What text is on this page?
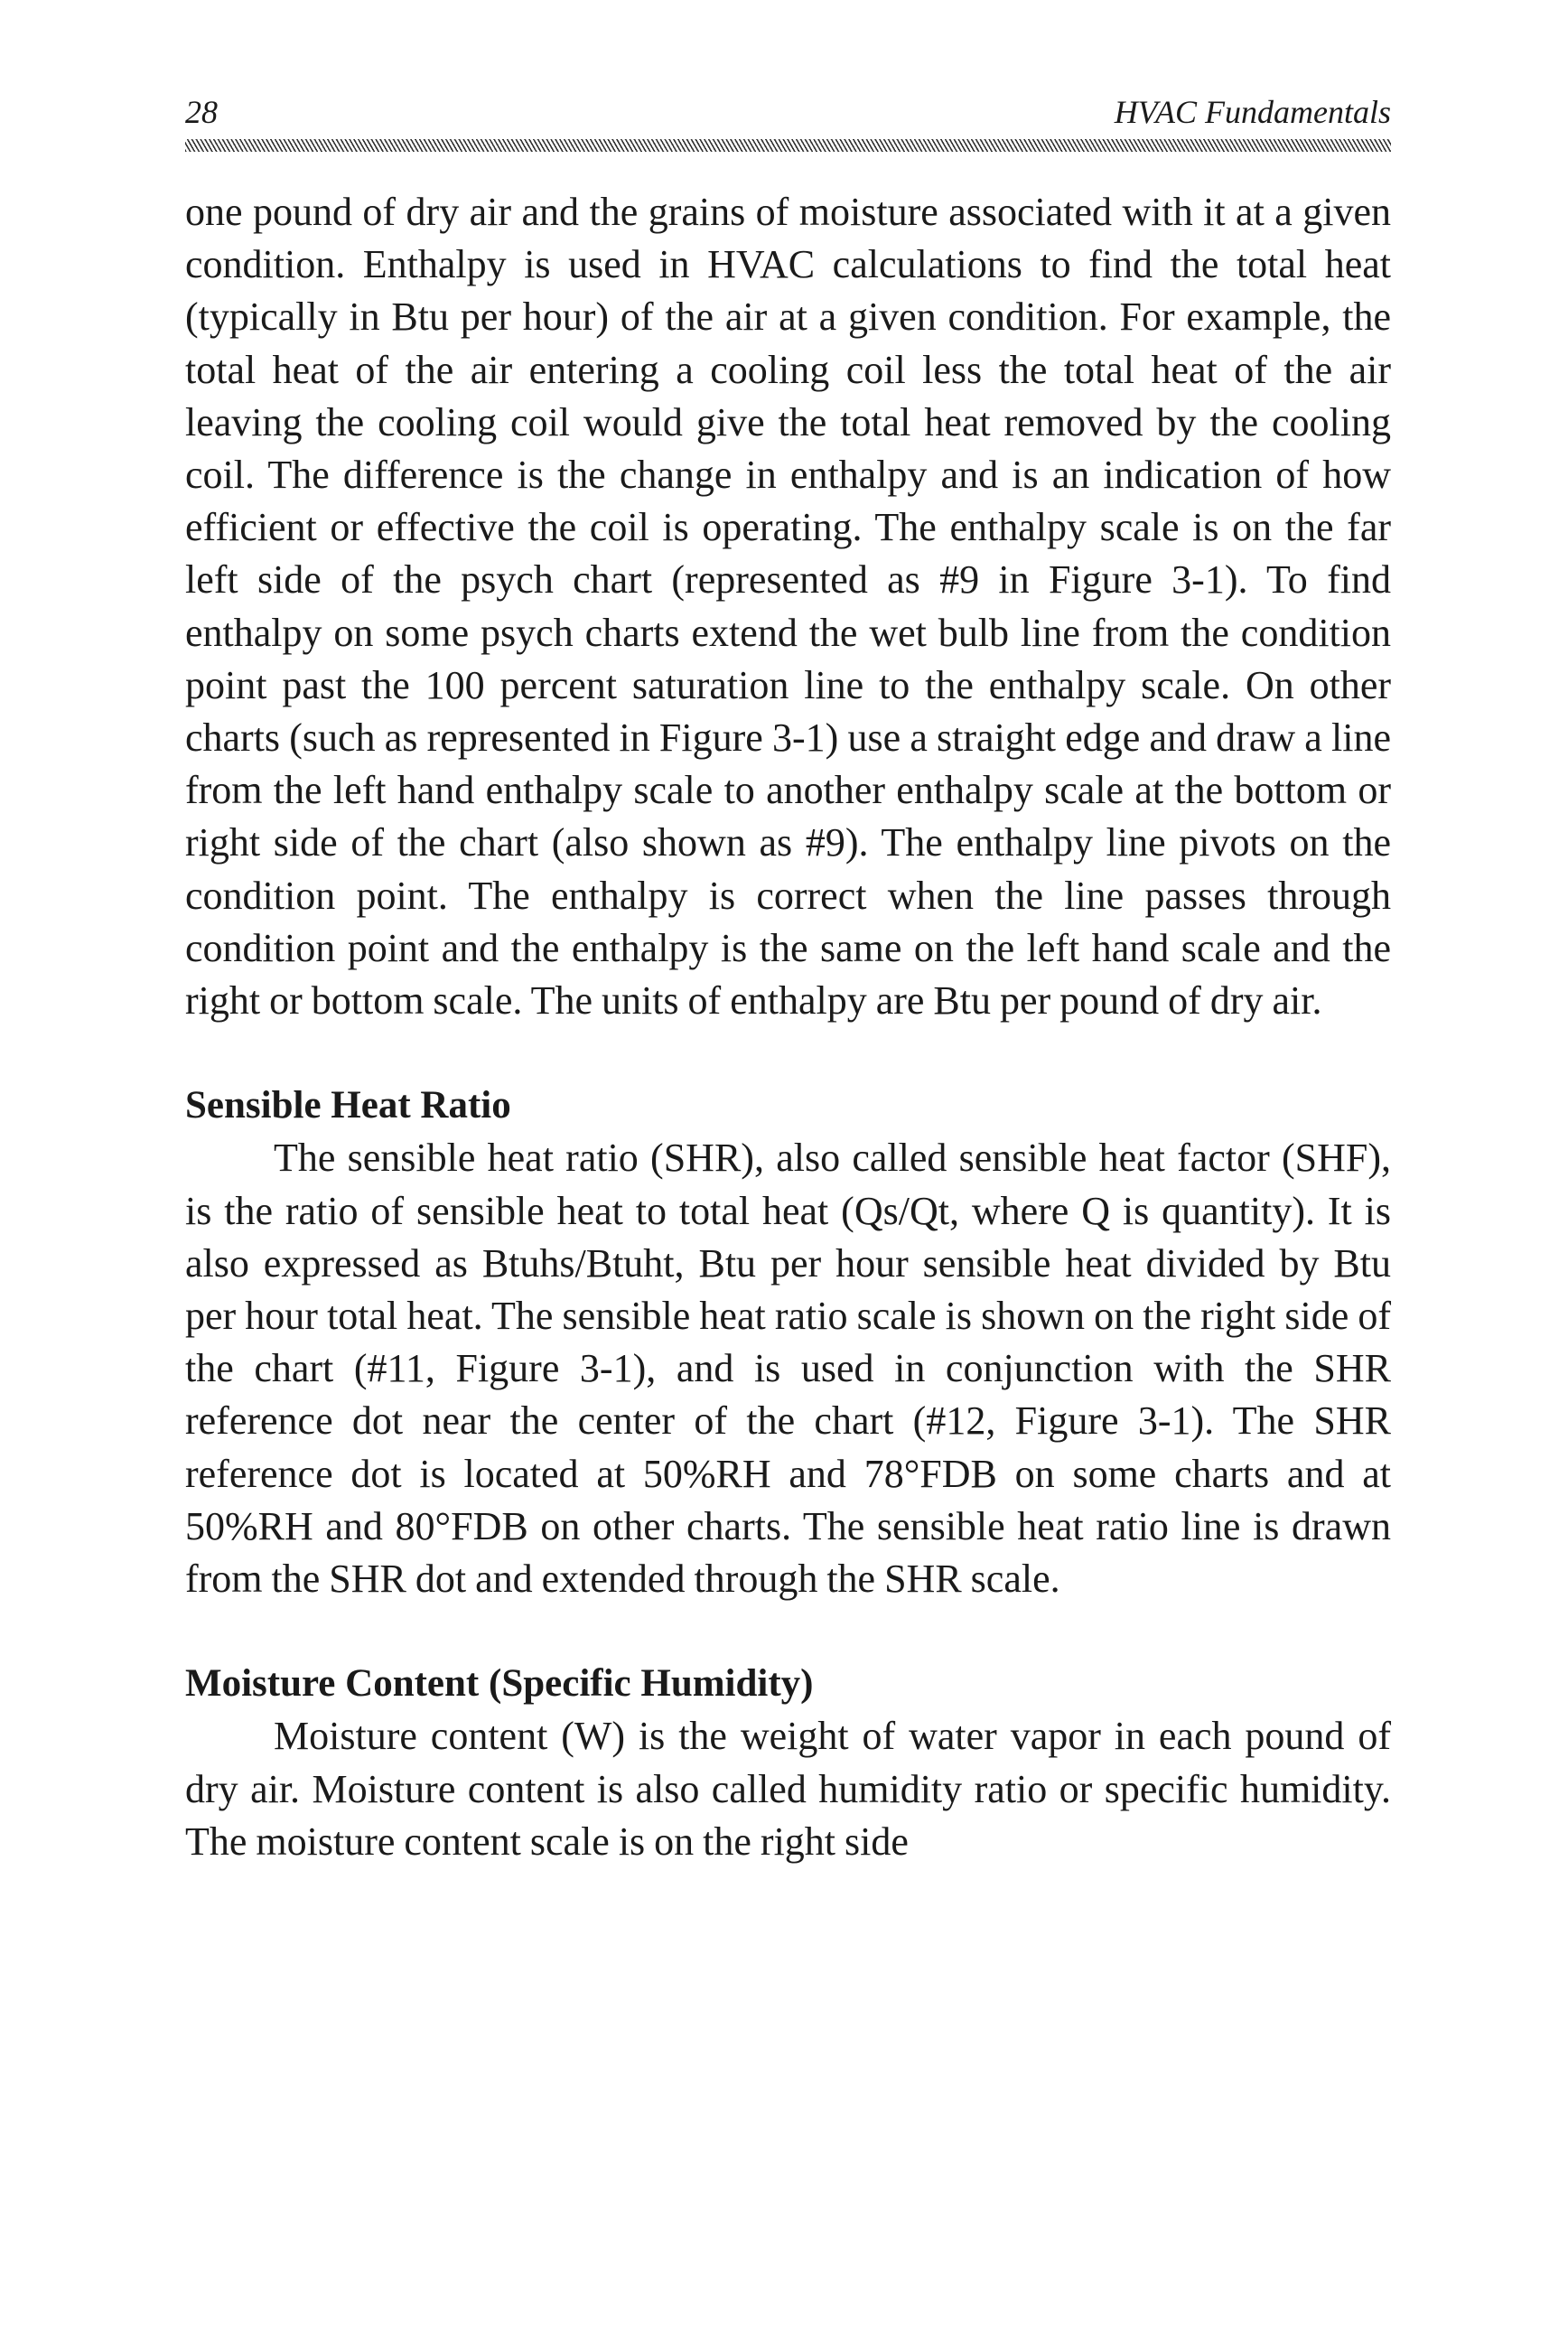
28	HVAC Fundamentals

one pound of dry air and the grains of moisture associated with it at a given condition. Enthalpy is used in HVAC calculations to find the total heat (typically in Btu per hour) of the air at a given condition. For example, the total heat of the air entering a cooling coil less the total heat of the air leaving the cooling coil would give the total heat removed by the cooling coil. The difference is the change in enthalpy and is an indication of how efficient or effective the coil is operating. The enthalpy scale is on the far left side of the psych chart (represented as #9 in Figure 3-1). To find enthalpy on some psych charts extend the wet bulb line from the condition point past the 100 percent saturation line to the enthalpy scale. On other charts (such as represented in Figure 3-1) use a straight edge and draw a line from the left hand enthalpy scale to another enthalpy scale at the bottom or right side of the chart (also shown as #9). The enthalpy line pivots on the condition point. The enthalpy is correct when the line passes through condition point and the enthalpy is the same on the left hand scale and the right or bottom scale. The units of enthalpy are Btu per pound of dry air.

Sensible Heat Ratio

The sensible heat ratio (SHR), also called sensible heat factor (SHF), is the ratio of sensible heat to total heat (Qs/Qt, where Q is quantity). It is also expressed as Btuhs/Btuht, Btu per hour sensible heat divided by Btu per hour total heat. The sensible heat ratio scale is shown on the right side of the chart (#11, Figure 3-1), and is used in conjunction with the SHR reference dot near the center of the chart (#12, Figure 3-1). The SHR reference dot is located at 50%RH and 78°FDB on some charts and at 50%RH and 80°FDB on other charts. The sensible heat ratio line is drawn from the SHR dot and extended through the SHR scale.

Moisture Content (Specific Humidity)

Moisture content (W) is the weight of water vapor in each pound of dry air. Moisture content is also called humidity ratio or specific humidity. The moisture content scale is on the right side
